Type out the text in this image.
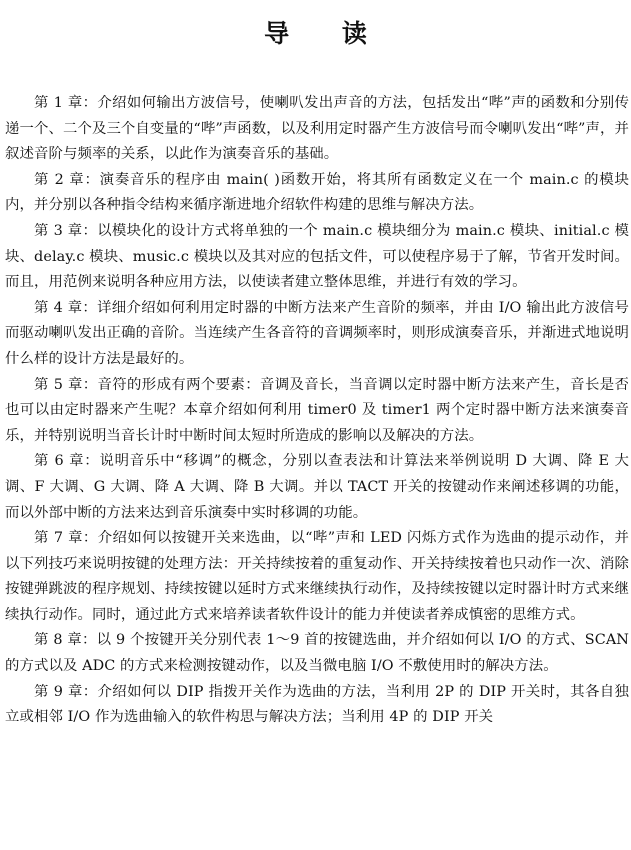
导 读

第 1 章：介绍如何输出方波信号，使喇叭发出声音的方法，包括发出“哔”声的函数和分别传递一个、二个及三个自变量的“哔”声函数，以及利用定时器产生方波信号而令喇叭发出“哔”声，并叙述音阶与频率的关系，以此作为演奏音乐的基础。

第 2 章：演奏音乐的程序由 main( )函数开始，将其所有函数定义在一个 main.c 的模块内，并分别以各种指令结构来循序渐进地介绍软件构建的思维与解决方法。

第 3 章：以模块化的设计方式将单独的一个 main.c 模块细分为 main.c 模块、initial.c 模块、delay.c 模块、music.c 模块以及其对应的包括文件，可以使程序易于了解，节省开发时间。而且，用范例来说明各种应用方法，以使读者建立整体思维，并进行有效的学习。

第 4 章：详细介绍如何利用定时器的中断方法来产生音阶的频率，并由 I/O 输出此方波信号而驱动喇叭发出正确的音阶。当连续产生各音符的音调频率时，则形成演奏音乐，并渐进式地说明什么样的设计方法是最好的。

第 5 章：音符的形成有两个要素：音调及音长，当音调以定时器中断方法来产生，音长是否也可以由定时器来产生呢？本章介绍如何利用 timer0 及 timer1 两个定时器中断方法来演奏音乐，并特别说明当音长计时中断时间太短时所造成的影响以及解决的方法。

第 6 章：说明音乐中“移调”的概念，分别以查表法和计算法来举例说明 D 大调、降 E 大调、F 大调、G 大调、降 A 大调、降 B 大调。并以 TACT 开关的按键动作来阐述移调的功能，而以外部中断的方法来达到音乐演奏中实时移调的功能。

第 7 章：介绍如何以按键开关来选曲，以“哔”声和 LED 闪烁方式作为选曲的提示动作，并以下列技巧来说明按键的处理方法：开关持续按着的重复动作、开关持续按着也只动作一次、消除按键弹跳波的程序规划、持续按键以延时方式来继续执行动作，及持续按键以定时器计时方式来继续执行动作。同时，通过此方式来培养读者软件设计的能力并使读者养成慎密的思维方式。

第 8 章：以 9 个按键开关分别代表 1～9 首的按键选曲，并介绍如何以 I/O 的方式、SCAN 的方式以及 ADC 的方式来检测按键动作，以及当微电脑 I/O 不敷使用时的解决方法。

第 9 章：介绍如何以 DIP 指拨开关作为选曲的方法，当利用 2P 的 DIP 开关时，其各自独立或相邻 I/O 作为选曲输入的软件构思与解决方法；当利用 4P 的 DIP 开关
